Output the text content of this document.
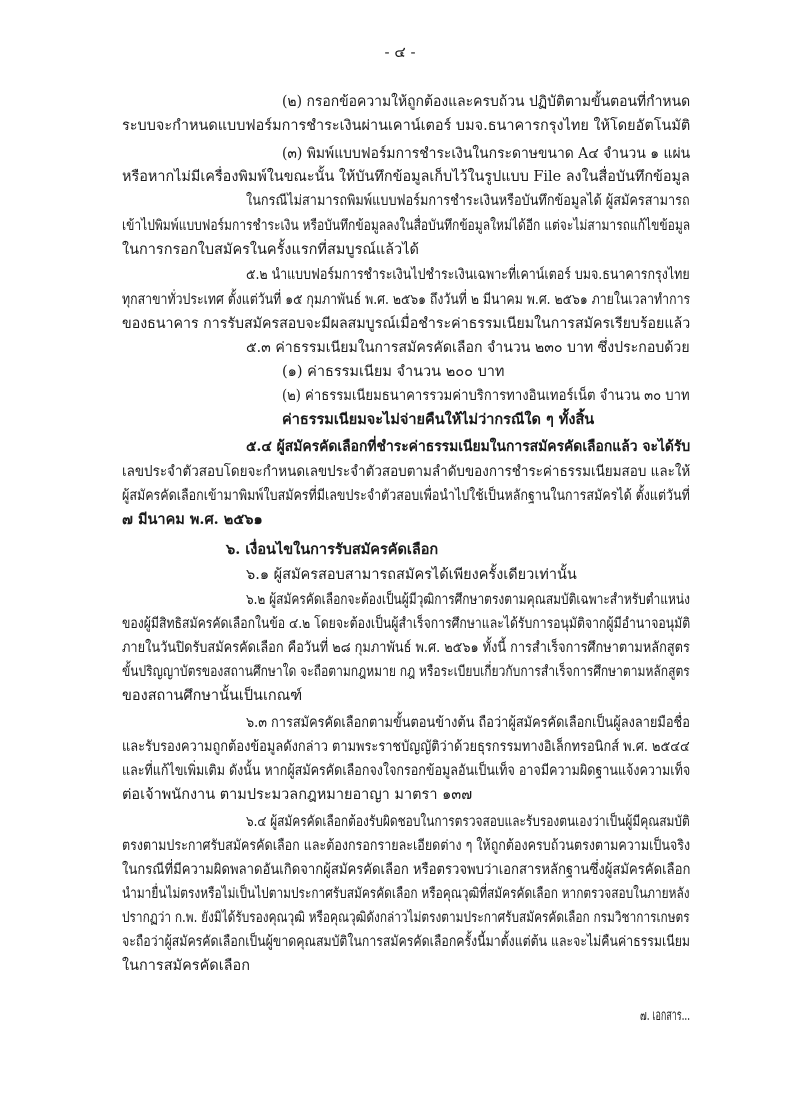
- ๔ -
(๒) กรอกข้อความให้ถูกต้องและครบถ้วน ปฏิบัติตามขั้นตอนที่กำหนด
ระบบจะกำหนดแบบฟอร์มการชำระเงินผ่านเคาน์เตอร์ บมจ.ธนาคารกรุงไทย ให้โดยอัตโนมัติ
(๓) พิมพ์แบบฟอร์มการชำระเงินในกระดาษขนาด A๔ จำนวน ๑ แผ่น
หรือหากไม่มีเครื่องพิมพ์ในขณะนั้น ให้บันทึกข้อมูลเก็บไว้ในรูปแบบ File ลงในสื่อบันทึกข้อมูล
ในกรณีไม่สามารถพิมพ์แบบฟอร์มการชำระเงินหรือบันทึกข้อมูลได้ ผู้สมัครสามารถ
เข้าไปพิมพ์แบบฟอร์มการชำระเงิน หรือบันทึกข้อมูลลงในสื่อบันทึกข้อมูลใหม่ได้อีก แต่จะไม่สามารถแก้ไขข้อมูล
ในการกรอกใบสมัครในครั้งแรกที่สมบูรณ์แล้วได้
๕.๒ นำแบบฟอร์มการชำระเงินไปชำระเงินเฉพาะที่เคาน์เตอร์ บมจ.ธนาคารกรุงไทย
ทุกสาขาทั่วประเทศ ตั้งแต่วันที่ ๑๕ กุมภาพันธ์ พ.ศ. ๒๕๖๑ ถึงวันที่ ๒ มีนาคม พ.ศ. ๒๕๖๑ ภายในเวลาทำการ
ของธนาคาร การรับสมัครสอบจะมีผลสมบูรณ์เมื่อชำระค่าธรรมเนียมในการสมัครเรียบร้อยแล้ว
๕.๓ ค่าธรรมเนียมในการสมัครคัดเลือก จำนวน ๒๓๐ บาท ซึ่งประกอบด้วย
(๑) ค่าธรรมเนียม จำนวน ๒๐๐ บาท
(๒) ค่าธรรมเนียมธนาคารรวมค่าบริการทางอินเทอร์เน็ต จำนวน ๓๐ บาท
ค่าธรรมเนียมจะไม่จ่ายคืนให้ไม่ว่ากรณีใด ๆ ทั้งสิ้น
๕.๔ ผู้สมัครคัดเลือกที่ชำระค่าธรรมเนียมในการสมัครคัดเลือกแล้ว จะได้รับ
เลขประจำตัวสอบโดยจะกำหนดเลขประจำตัวสอบตามลำดับของการชำระค่าธรรมเนียมสอบ และให้
ผู้สมัครคัดเลือกเข้ามาพิมพ์ใบสมัครที่มีเลขประจำตัวสอบเพื่อนำไปใช้เป็นหลักฐานในการสมัครได้ ตั้งแต่วันที่
๗ มีนาคม พ.ศ. ๒๕๖๑
๖. เงื่อนไขในการรับสมัครคัดเลือก
๖.๑ ผู้สมัครสอบสามารถสมัครได้เพียงครั้งเดียวเท่านั้น
๖.๒ ผู้สมัครคัดเลือกจะต้องเป็นผู้มีวุฒิการศึกษาตรงตามคุณสมบัติเฉพาะสำหรับตำแหน่ง
ของผู้มีสิทธิสมัครคัดเลือกในข้อ ๔.๒ โดยจะต้องเป็นผู้สำเร็จการศึกษาและได้รับการอนุมัติจากผู้มีอำนาจอนุมัติ
ภายในวันปิดรับสมัครคัดเลือก คือวันที่ ๒๘ กุมภาพันธ์ พ.ศ. ๒๕๖๑ ทั้งนี้ การสำเร็จการศึกษาตามหลักสูตร
ขั้นปริญญาบัตรของสถานศึกษาใด จะถือตามกฎหมาย กฎ หรือระเบียบเกี่ยวกับการสำเร็จการศึกษาตามหลักสูตร
ของสถานศึกษานั้นเป็นเกณฑ์
๖.๓ การสมัครคัดเลือกตามขั้นตอนข้างต้น ถือว่าผู้สมัครคัดเลือกเป็นผู้ลงลายมือชื่อ
และรับรองความถูกต้องข้อมูลดังกล่าว ตามพระราชบัญญัติว่าด้วยธุรกรรมทางอิเล็กทรอนิกส์ พ.ศ. ๒๕๔๔
และที่แก้ไขเพิ่มเติม ดังนั้น หากผู้สมัครคัดเลือกจงใจกรอกข้อมูลอันเป็นเท็จ อาจมีความผิดฐานแจ้งความเท็จ
ต่อเจ้าพนักงาน ตามประมวลกฎหมายอาญา มาตรา ๑๓๗
๖.๔ ผู้สมัครคัดเลือกต้องรับผิดชอบในการตรวจสอบและรับรองตนเองว่าเป็นผู้มีคุณสมบัติ
ตรงตามประกาศรับสมัครคัดเลือก และต้องกรอกรายละเอียดต่าง ๆ ให้ถูกต้องครบถ้วนตรงตามความเป็นจริง
ในกรณีที่มีความผิดพลาดอันเกิดจากผู้สมัครคัดเลือก หรือตรวจพบว่าเอกสารหลักฐานซึ่งผู้สมัครคัดเลือก
นำมายื่นไม่ตรงหรือไม่เป็นไปตามประกาศรับสมัครคัดเลือก หรือคุณวุฒิที่สมัครคัดเลือก หากตรวจสอบในภายหลัง
ปรากฏว่า ก.พ. ยังมิได้รับรองคุณวุฒิ หรือคุณวุฒิดังกล่าวไม่ตรงตามประกาศรับสมัครคัดเลือก กรมวิชาการเกษตร
จะถือว่าผู้สมัครคัดเลือกเป็นผู้ขาดคุณสมบัติในการสมัครคัดเลือกครั้งนี้มาตั้งแต่ต้น และจะไม่คืนค่าธรรมเนียม
ในการสมัครคัดเลือก
๗. เอกสาร...
